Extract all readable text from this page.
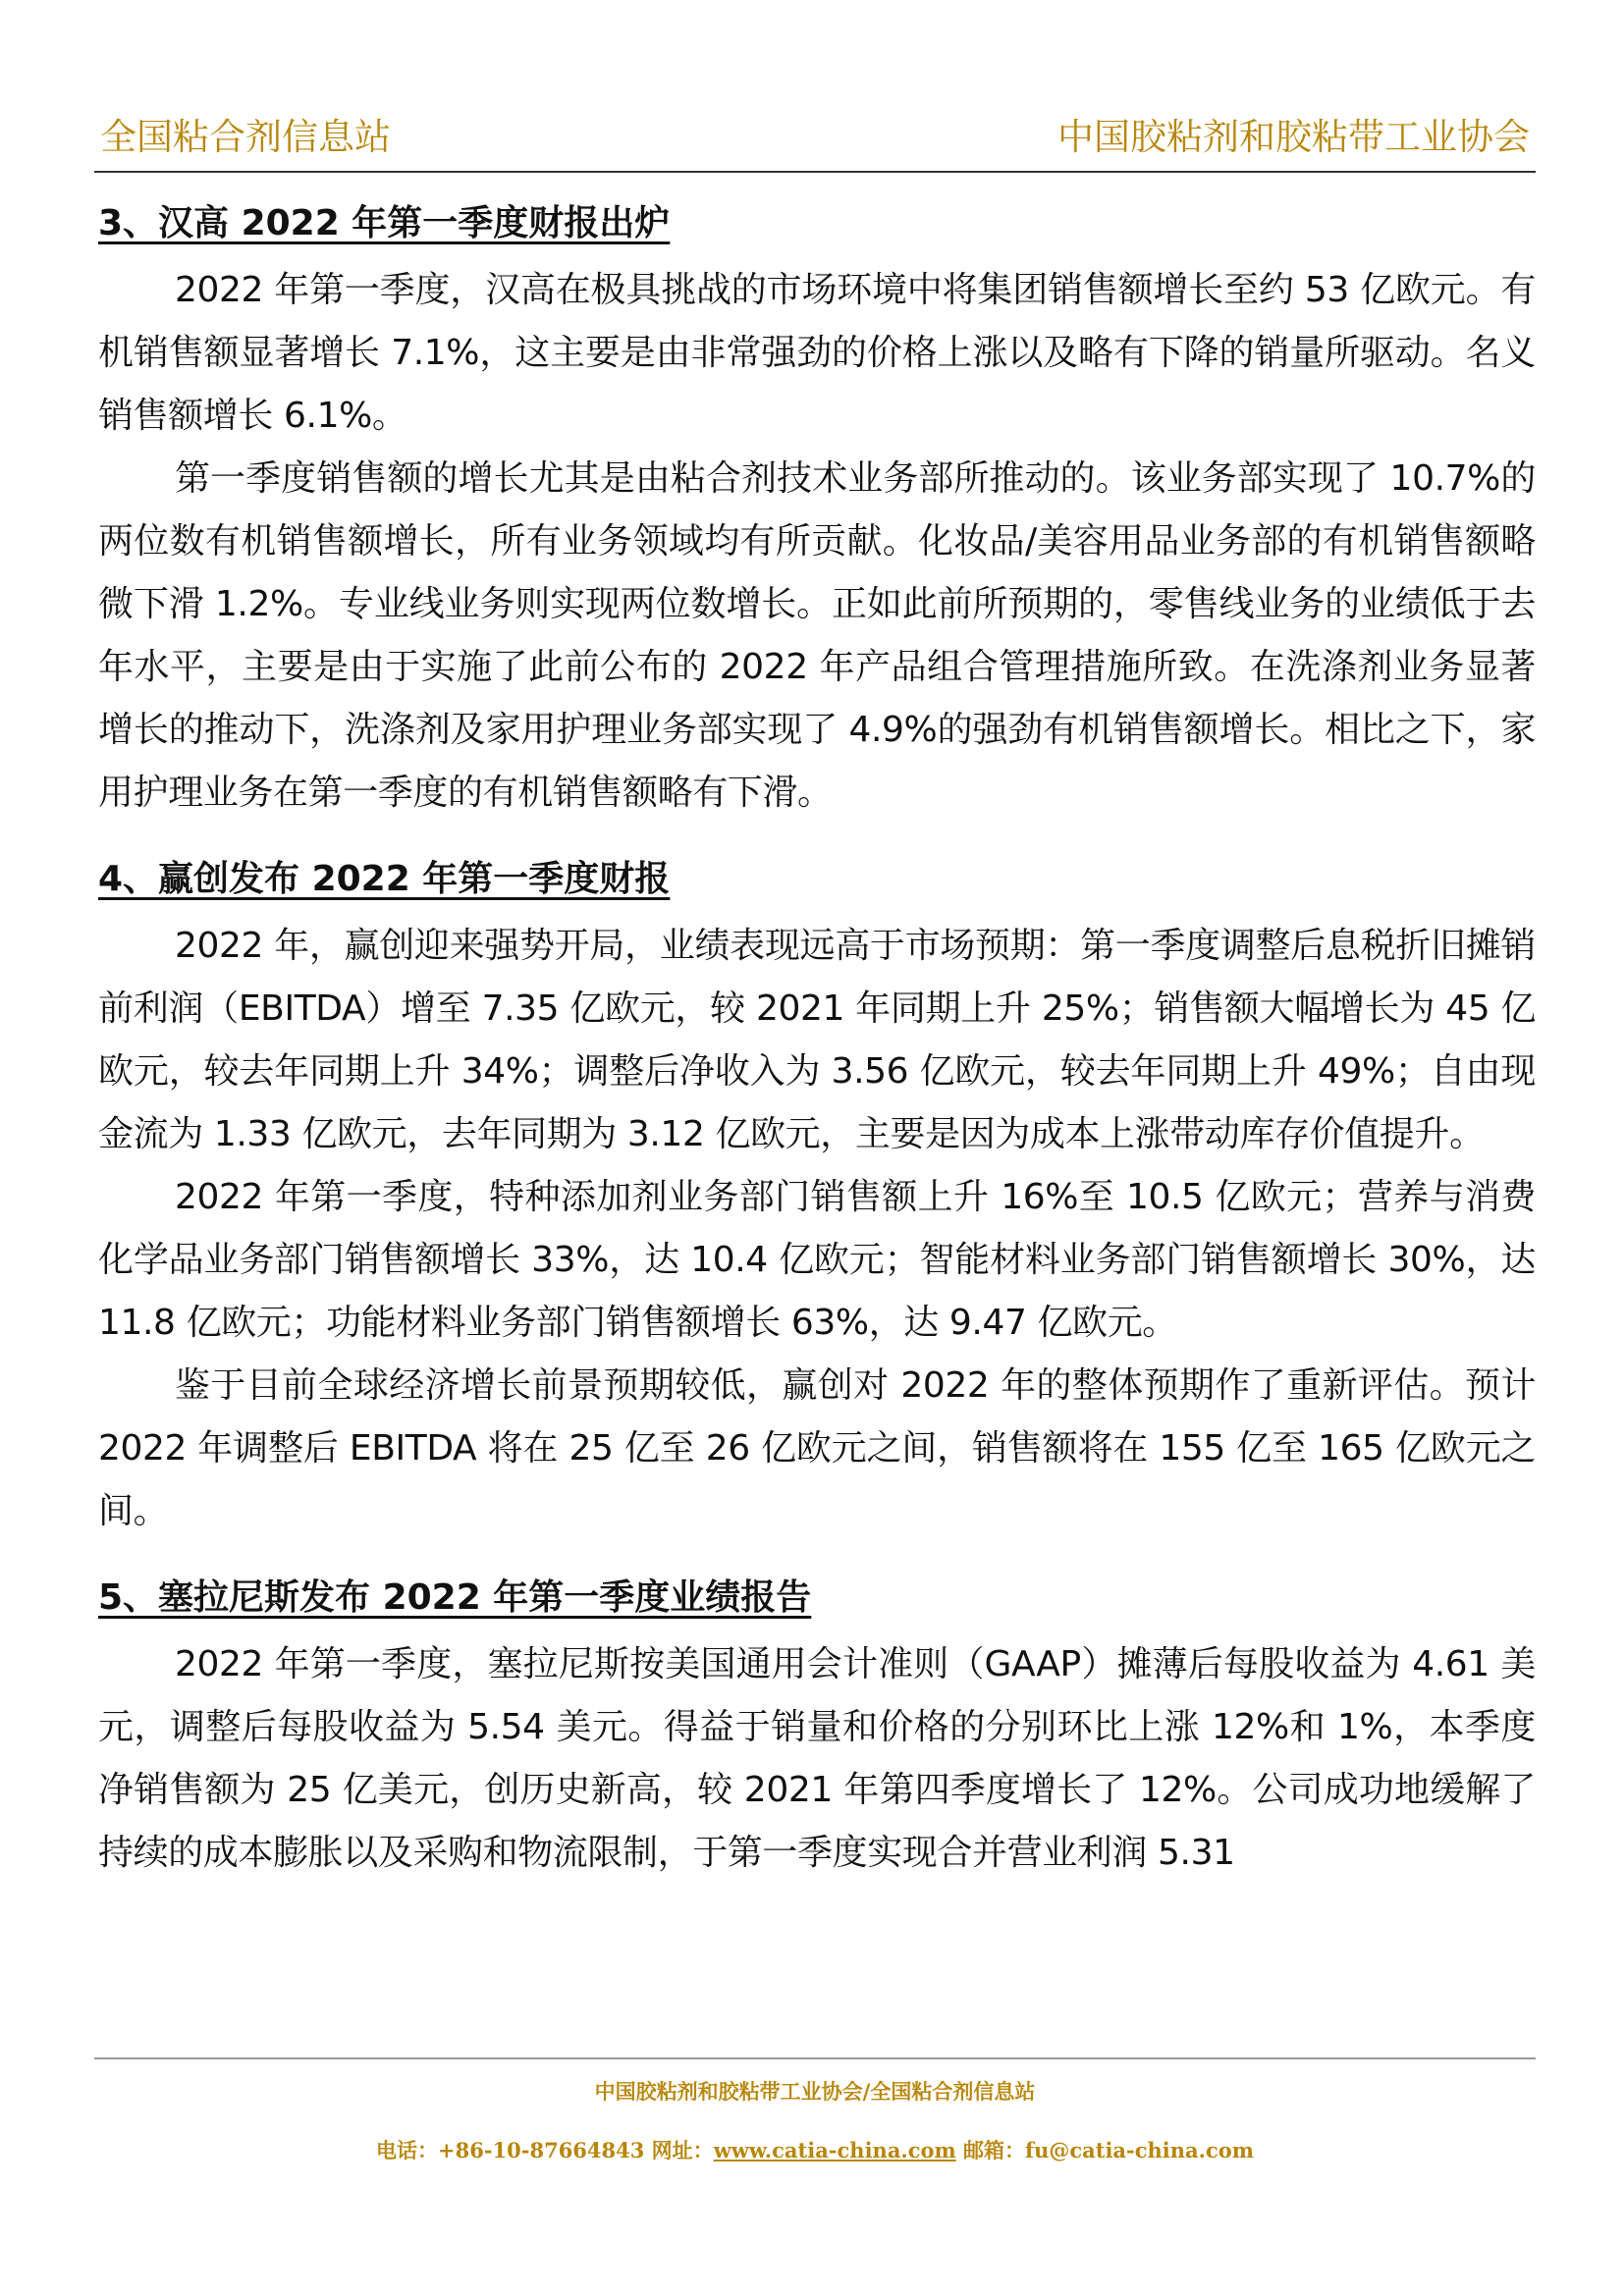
全国粘合剂信息站	中国胶粘剂和胶粘带工业协会
3、汉高 2022 年第一季度财报出炉

2022 年第一季度，汉高在极具挑战的市场环境中将集团销售额增长至约 53 亿欧元。有机销售额显著增长 7.1%，这主要是由非常强劲的价格上涨以及略有下降的销量所驱动。名义销售额增长 6.1%。

第一季度销售额的增长尤其是由粘合剂技术业务部所推动的。该业务部实现了 10.7%的两位数有机销售额增长，所有业务领域均有所贡献。化妆品/美容用品业务部的有机销售额略微下滑 1.2%。专业线业务则实现两位数增长。正如此前所预期的，零售线业务的业绩低于去年水平，主要是由于实施了此前公布的 2022 年产品组合管理措施所致。在洗涤剂业务显著增长的推动下，洗涤剂及家用护理业务部实现了 4.9%的强劲有机销售额增长。相比之下，家用护理业务在第一季度的有机销售额略有下滑。

4、赢创发布 2022 年第一季度财报

2022 年，赢创迎来强势开局，业绩表现远高于市场预期：第一季度调整后息税折旧摊销前利润（EBITDA）增至 7.35 亿欧元，较 2021 年同期上升 25%；销售额大幅增长为 45 亿欧元，较去年同期上升 34%；调整后净收入为 3.56 亿欧元，较去年同期上升 49%；自由现金流为 1.33 亿欧元，去年同期为 3.12 亿欧元，主要是因为成本上涨带动库存价值提升。

2022 年第一季度，特种添加剂业务部门销售额上升 16%至 10.5 亿欧元；营养与消费化学品业务部门销售额增长 33%，达 10.4 亿欧元；智能材料业务部门销售额增长 30%，达 11.8 亿欧元；功能材料业务部门销售额增长 63%，达 9.47 亿欧元。

鉴于目前全球经济增长前景预期较低，赢创对 2022 年的整体预期作了重新评估。预计 2022 年调整后 EBITDA 将在 25 亿至 26 亿欧元之间，销售额将在 155 亿至 165 亿欧元之间。

5、塞拉尼斯发布 2022 年第一季度业绩报告

2022 年第一季度，塞拉尼斯按美国通用会计准则（GAAP）摊薄后每股收益为 4.61 美元，调整后每股收益为 5.54 美元。得益于销量和价格的分别环比上涨 12%和 1%，本季度净销售额为 25 亿美元，创历史新高，较 2021 年第四季度增长了 12%。公司成功地缓解了持续的成本膨胀以及采购和物流限制，于第一季度实现合并营业利润 5.31

中国胶粘剂和胶粘带工业协会/全国粘合剂信息站
电话：+86-10-87664843 网址：www.catia-china.com 邮箱：fu@catia-china.com
